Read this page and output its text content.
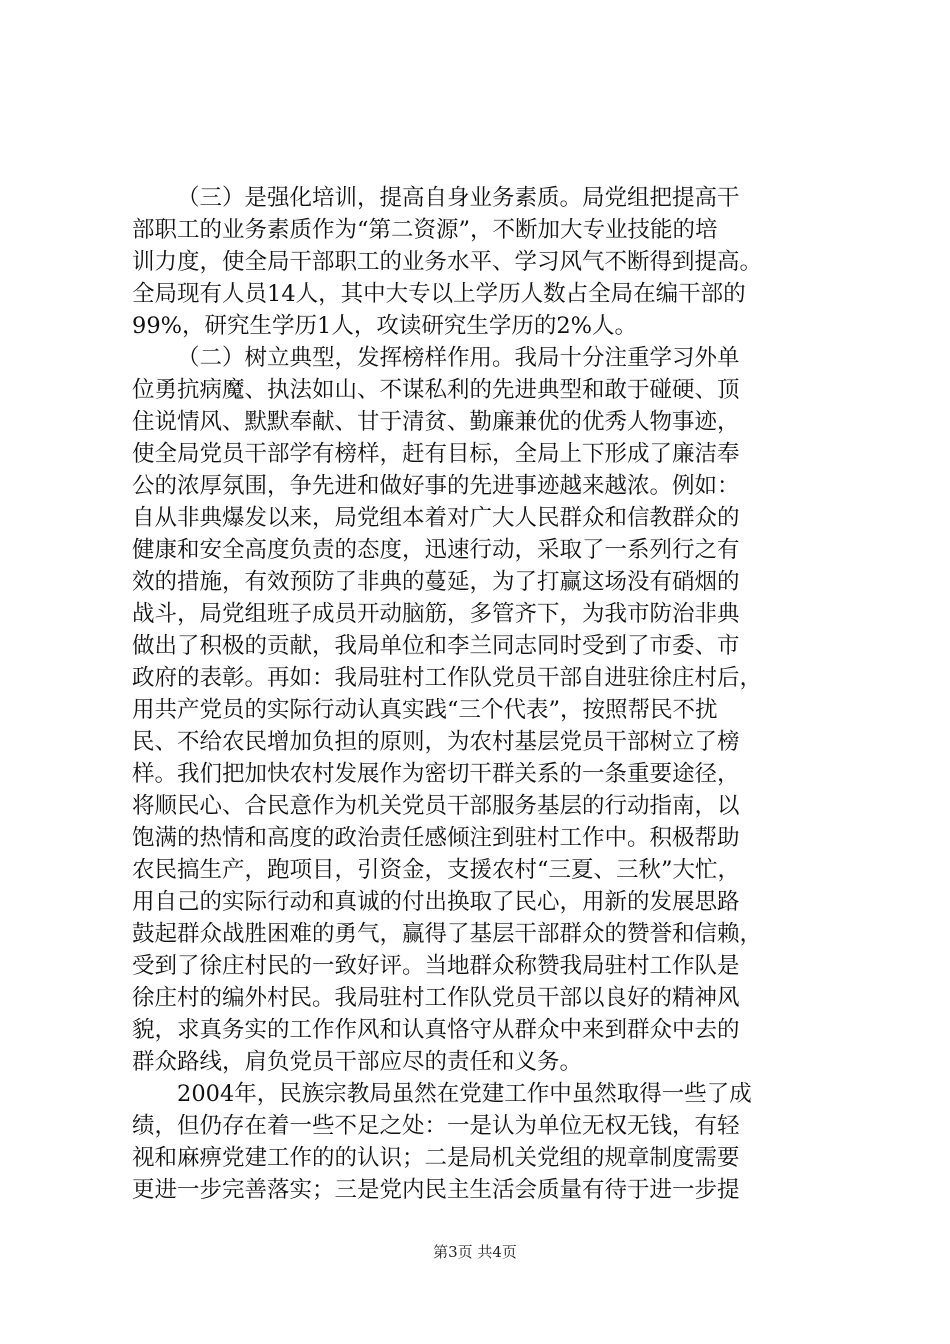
（三）是强化培训，提高自身业务素质。局党组把提高干
部职工的业务素质作为“第二资源”，不断加大专业技能的培
训力度，使全局干部职工的业务水平、学习风气不断得到提高。
全局现有人员14人，其中大专以上学历人数占全局在编干部的
99%，研究生学历1人，攻读研究生学历的2%人。
（二）树立典型，发挥榜样作用。我局十分注重学习外单
位勇抗病魔、执法如山、不谋私利的先进典型和敢于碰硬、顶
住说情风、默默奉献、甘于清贫、勤廉兼优的优秀人物事迹，
使全局党员干部学有榜样，赶有目标，全局上下形成了廉洁奉
公的浓厚氛围，争先进和做好事的先进事迹越来越浓。例如：
自从非典爆发以来，局党组本着对广大人民群众和信教群众的
健康和安全高度负责的态度，迅速行动，采取了一系列行之有
效的措施，有效预防了非典的蔓延，为了打赢这场没有硝烟的
战斗，局党组班子成员开动脑筋，多管齐下，为我市防治非典
做出了积极的贡献，我局单位和李兰同志同时受到了市委、市
政府的表彰。再如：我局驻村工作队党员干部自进驻徐庄村后，
用共产党员的实际行动认真实践“三个代表”，按照帮民不扰
民、不给农民增加负担的原则，为农村基层党员干部树立了榜
样。我们把加快农村发展作为密切干群关系的一条重要途径，
将顺民心、合民意作为机关党员干部服务基层的行动指南，以
饱满的热情和高度的政治责任感倾注到驻村工作中。积极帮助
农民搞生产，跑项目，引资金，支援农村“三夏、三秋”大忙，
用自己的实际行动和真诚的付出换取了民心，用新的发展思路
鼓起群众战胜困难的勇气，赢得了基层干部群众的赞誉和信赖，
受到了徐庄村民的一致好评。当地群众称赞我局驻村工作队是
徐庄村的编外村民。我局驻村工作队党员干部以良好的精神风
貌，求真务实的工作作风和认真恪守从群众中来到群众中去的
群众路线，肩负党员干部应尽的责任和义务。
2004年，民族宗教局虽然在党建工作中虽然取得一些了成
绩，但仍存在着一些不足之处：一是认为单位无权无钱，有轻
视和麻痹党建工作的的认识；二是局机关党组的规章制度需要
更进一步完善落实；三是党内民主生活会质量有待于进一步提
第3页 共4页
